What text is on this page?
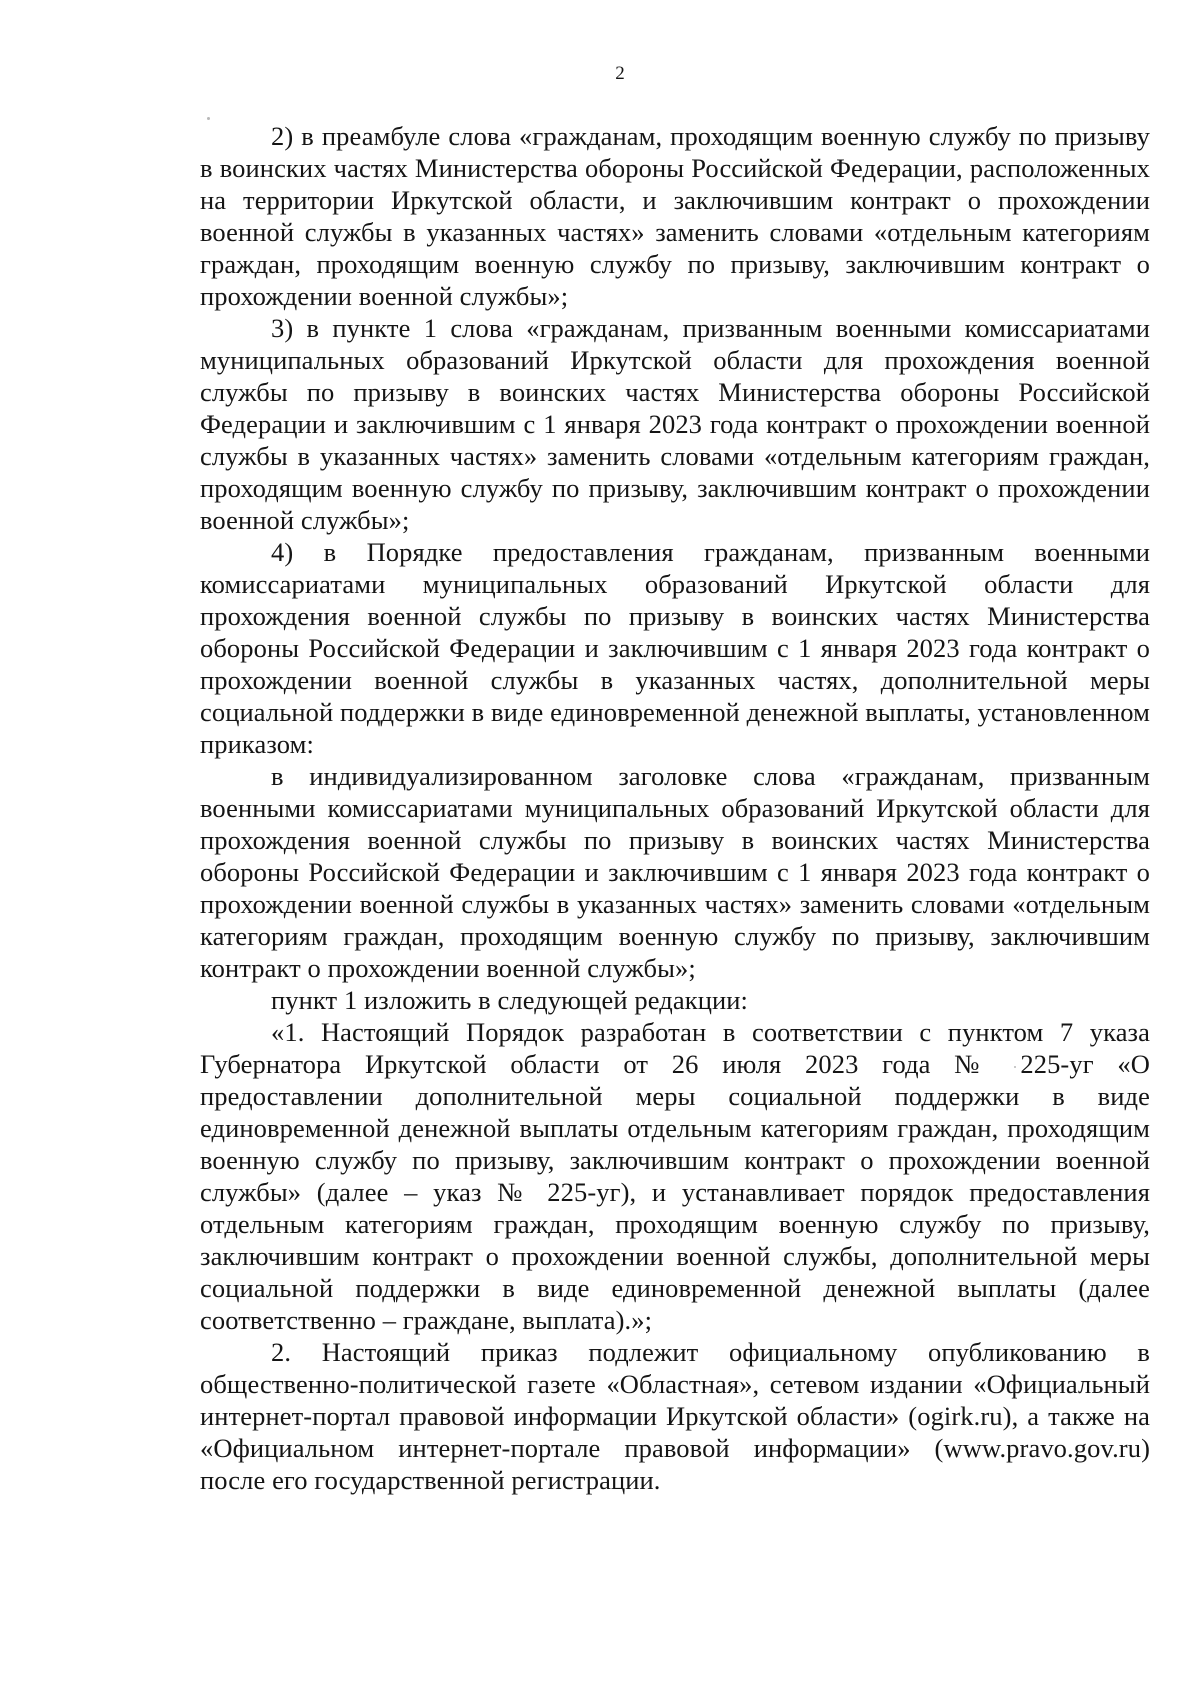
2

2) в преамбуле слова «гражданам, проходящим военную службу по призыву в воинских частях Министерства обороны Российской Федерации, расположенных на территории Иркутской области, и заключившим контракт о прохождении военной службы в указанных частях» заменить словами «отдельным категориям граждан, проходящим военную службу по призыву, заключившим контракт о прохождении военной службы»;

3) в пункте 1 слова «гражданам, призванным военными комиссариатами муниципальных образований Иркутской области для прохождения военной службы по призыву в воинских частях Министерства обороны Российской Федерации и заключившим с 1 января 2023 года контракт о прохождении военной службы в указанных частях» заменить словами «отдельным категориям граждан, проходящим военную службу по призыву, заключившим контракт о прохождении военной службы»;

4) в Порядке предоставления гражданам, призванным военными комиссариатами муниципальных образований Иркутской области для прохождения военной службы по призыву в воинских частях Министерства обороны Российской Федерации и заключившим с 1 января 2023 года контракт о прохождении военной службы в указанных частях, дополнительной меры социальной поддержки в виде единовременной денежной выплаты, установленном приказом:

в индивидуализированном заголовке слова «гражданам, призванным военными комиссариатами муниципальных образований Иркутской области для прохождения военной службы по призыву в воинских частях Министерства обороны Российской Федерации и заключившим с 1 января 2023 года контракт о прохождении военной службы в указанных частях» заменить словами «отдельным категориям граждан, проходящим военную службу по призыву, заключившим контракт о прохождении военной службы»;

пункт 1 изложить в следующей редакции:

«1. Настоящий Порядок разработан в соответствии с пунктом 7 указа Губернатора Иркутской области от 26 июля 2023 года № 225-уг «О предоставлении дополнительной меры социальной поддержки в виде единовременной денежной выплаты отдельным категориям граждан, проходящим военную службу по призыву, заключившим контракт о прохождении военной службы» (далее – указ № 225-уг), и устанавливает порядок предоставления отдельным категориям граждан, проходящим военную службу по призыву, заключившим контракт о прохождении военной службы, дополнительной меры социальной поддержки в виде единовременной денежной выплаты (далее соответственно – граждане, выплата).»;

2. Настоящий приказ подлежит официальному опубликованию в общественно-политической газете «Областная», сетевом издании «Официальный интернет-портал правовой информации Иркутской области» (ogirk.ru), а также на «Официальном интернет-портале правовой информации» (www.pravo.gov.ru) после его государственной регистрации.
